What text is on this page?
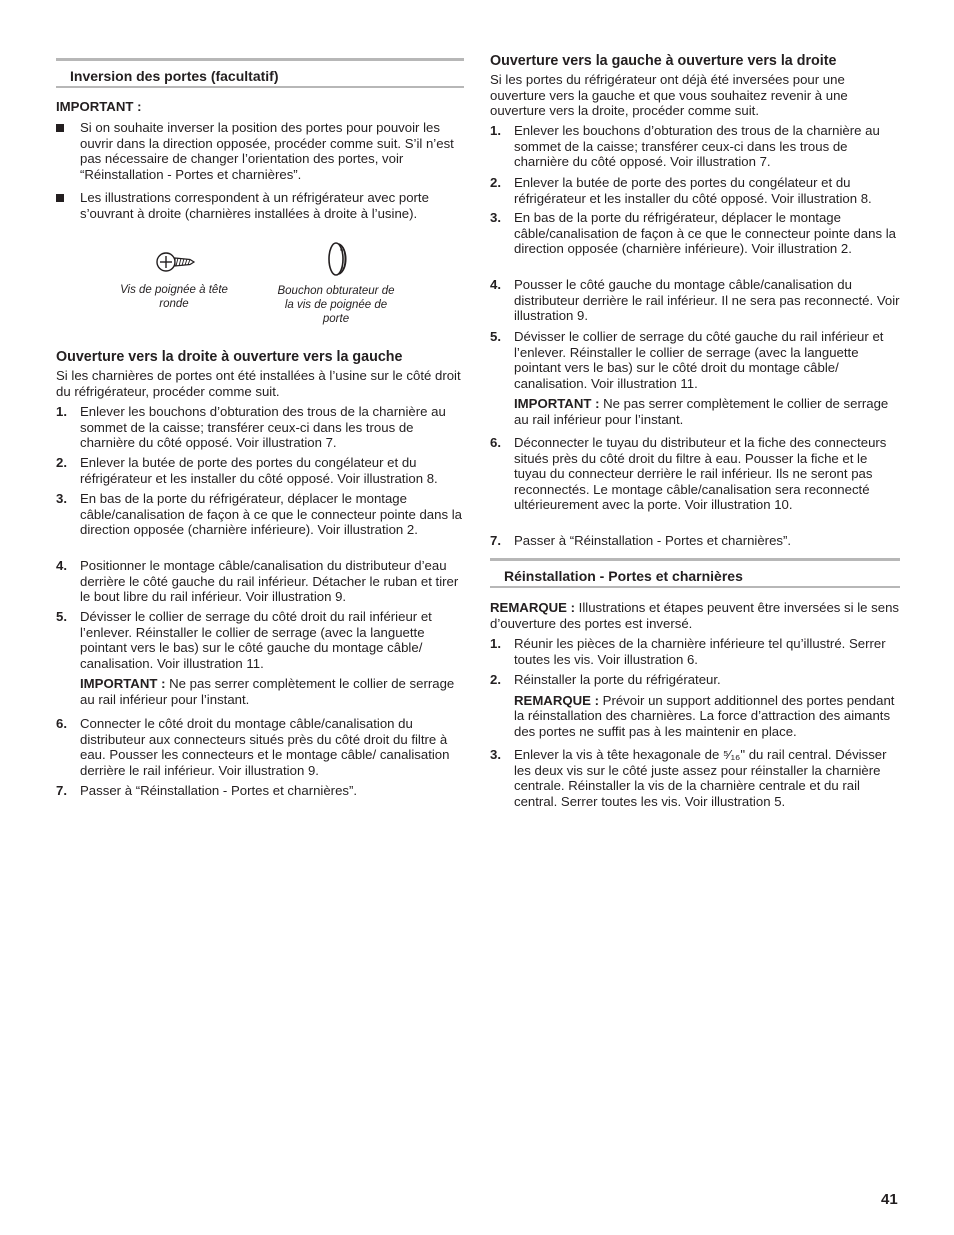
Inversion des portes (facultatif)
IMPORTANT :
Si on souhaite inverser la position des portes pour pouvoir les ouvrir dans la direction opposée, procéder comme suit. S’il n’est pas nécessaire de changer l’orientation des portes, voir “Réinstallation - Portes et charnières”.
Les illustrations correspondent à un réfrigérateur avec porte s’ouvrant à droite (charnières installées à droite à l’usine).
Vis de poignée à tête ronde
Bouchon obturateur de la vis de poignée de porte
Ouverture vers la droite à ouverture vers la gauche
Si les charnières de portes ont été installées à l’usine sur le côté droit du réfrigérateur, procéder comme suit.
1. Enlever les bouchons d’obturation des trous de la charnière au sommet de la caisse; transférer ceux-ci dans les trous de charnière du côté opposé. Voir illustration 7.
2. Enlever la butée de porte des portes du congélateur et du réfrigérateur et les installer du côté opposé. Voir illustration 8.
3. En bas de la porte du réfrigérateur, déplacer le montage câble/canalisation de façon à ce que le connecteur pointe dans la direction opposée (charnière inférieure). Voir illustration 2.
4. Positionner le montage câble/canalisation du distributeur d’eau derrière le côté gauche du rail inférieur. Détacher le ruban et tirer le bout libre du rail inférieur. Voir illustration 9.
5. Dévisser le collier de serrage du côté droit du rail inférieur et l’enlever. Réinstaller le collier de serrage (avec la languette pointant vers le bas) sur le côté gauche du montage câble/ canalisation. Voir illustration 11.
IMPORTANT : Ne pas serrer complètement le collier de serrage au rail inférieur pour l’instant.
6. Connecter le côté droit du montage câble/canalisation du distributeur aux connecteurs situés près du côté droit du filtre à eau. Pousser les connecteurs et le montage câble/ canalisation derrière le rail inférieur. Voir illustration 9.
7. Passer à “Réinstallation - Portes et charnières”.
Ouverture vers la gauche à ouverture vers la droite
Si les portes du réfrigérateur ont déjà été inversées pour une ouverture vers la gauche et que vous souhaitez revenir à une ouverture vers la droite, procéder comme suit.
1. Enlever les bouchons d’obturation des trous de la charnière au sommet de la caisse; transférer ceux-ci dans les trous de charnière du côté opposé. Voir illustration 7.
2. Enlever la butée de porte des portes du congélateur et du réfrigérateur et les installer du côté opposé. Voir illustration 8.
3. En bas de la porte du réfrigérateur, déplacer le montage câble/canalisation de façon à ce que le connecteur pointe dans la direction opposée (charnière inférieure). Voir illustration 2.
4. Pousser le côté gauche du montage câble/canalisation du distributeur derrière le rail inférieur. Il ne sera pas reconnecté. Voir illustration 9.
5. Dévisser le collier de serrage du côté gauche du rail inférieur et l’enlever. Réinstaller le collier de serrage (avec la languette pointant vers le bas) sur le côté droit du montage câble/ canalisation. Voir illustration 11.
IMPORTANT : Ne pas serrer complètement le collier de serrage au rail inférieur pour l’instant.
6. Déconnecter le tuyau du distributeur et la fiche des connecteurs situés près du côté droit du filtre à eau. Pousser la fiche et le tuyau du connecteur derrière le rail inférieur. Ils ne seront pas reconnectés. Le montage câble/canalisation sera reconnecté ultérieurement avec la porte. Voir illustration 10.
7. Passer à “Réinstallation - Portes et charnières”.
Réinstallation - Portes et charnières
REMARQUE : Illustrations et étapes peuvent être inversées si le sens d’ouverture des portes est inversé.
1. Réunir les pièces de la charnière inférieure tel qu’illustré. Serrer toutes les vis. Voir illustration 6.
2. Réinstaller la porte du réfrigérateur.
REMARQUE : Prévoir un support additionnel des portes pendant la réinstallation des charnières. La force d’attraction des aimants des portes ne suffit pas à les maintenir en place.
3. Enlever la vis à tête hexagonale de ⁵⁄₁₆" du rail central. Dévisser les deux vis sur le côté juste assez pour réinstaller la charnière centrale. Réinstaller la vis de la charnière centrale et du rail central. Serrer toutes les vis. Voir illustration 5.
41
